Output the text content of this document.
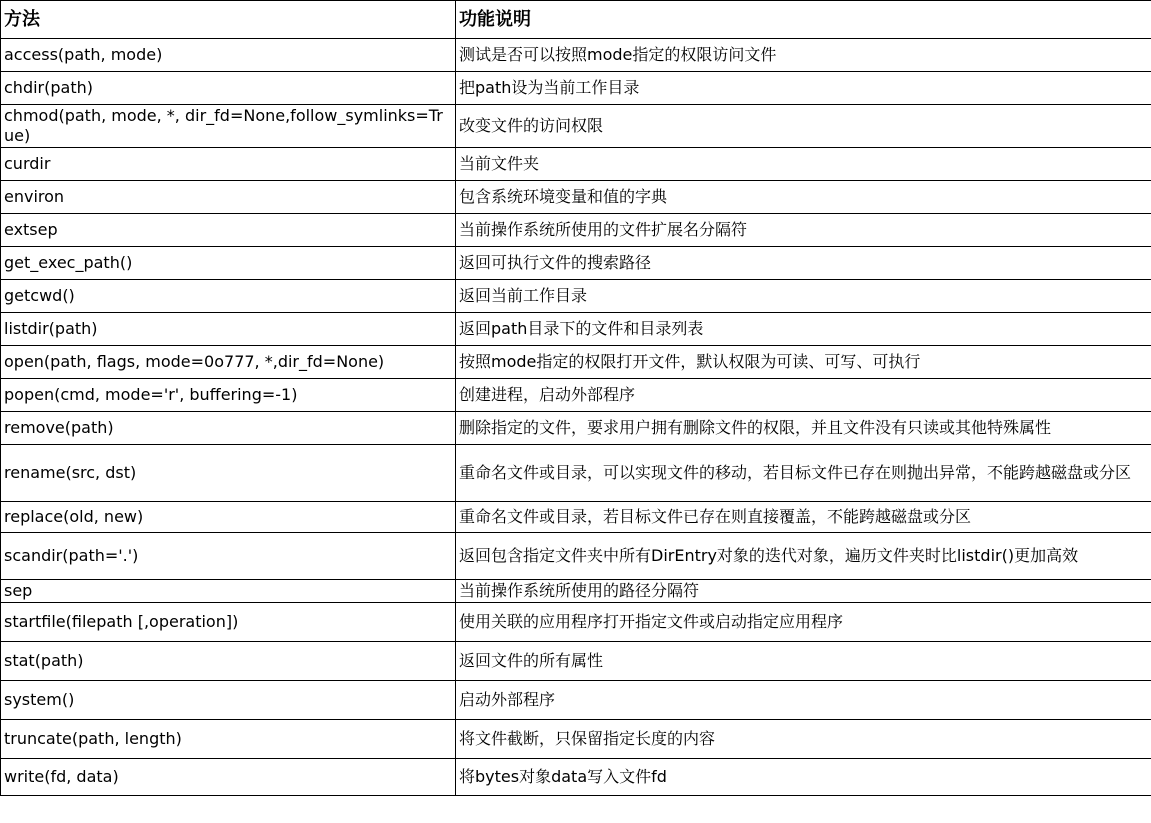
方法	功能说明
access(path, mode)	测试是否可以按照mode指定的权限访问文件
chdir(path)	把path设为当前工作目录
chmod(path, mode, *, dir_fd=None,follow_symlinks=True)	改变文件的访问权限
curdir	当前文件夹
environ	包含系统环境变量和值的字典
extsep	当前操作系统所使用的文件扩展名分隔符
get_exec_path()	返回可执行文件的搜索路径
getcwd()	返回当前工作目录
listdir(path)	返回path目录下的文件和目录列表
open(path, flags, mode=0o777, *,dir_fd=None)	按照mode指定的权限打开文件，默认权限为可读、可写、可执行
popen(cmd, mode='r', buffering=-1)	创建进程，启动外部程序
remove(path)	删除指定的文件，要求用户拥有删除文件的权限，并且文件没有只读或其他特殊属性
rename(src, dst)	重命名文件或目录，可以实现文件的移动，若目标文件已存在则抛出异常，不能跨越磁盘或分区
replace(old, new)	重命名文件或目录，若目标文件已存在则直接覆盖，不能跨越磁盘或分区
scandir(path='.')	返回包含指定文件夹中所有DirEntry对象的迭代对象，遍历文件夹时比listdir()更加高效
sep	当前操作系统所使用的路径分隔符
startfile(filepath [,operation])	使用关联的应用程序打开指定文件或启动指定应用程序
stat(path)	返回文件的所有属性
system()	启动外部程序
truncate(path, length)	将文件截断，只保留指定长度的内容
write(fd, data)	将bytes对象data写入文件fd
